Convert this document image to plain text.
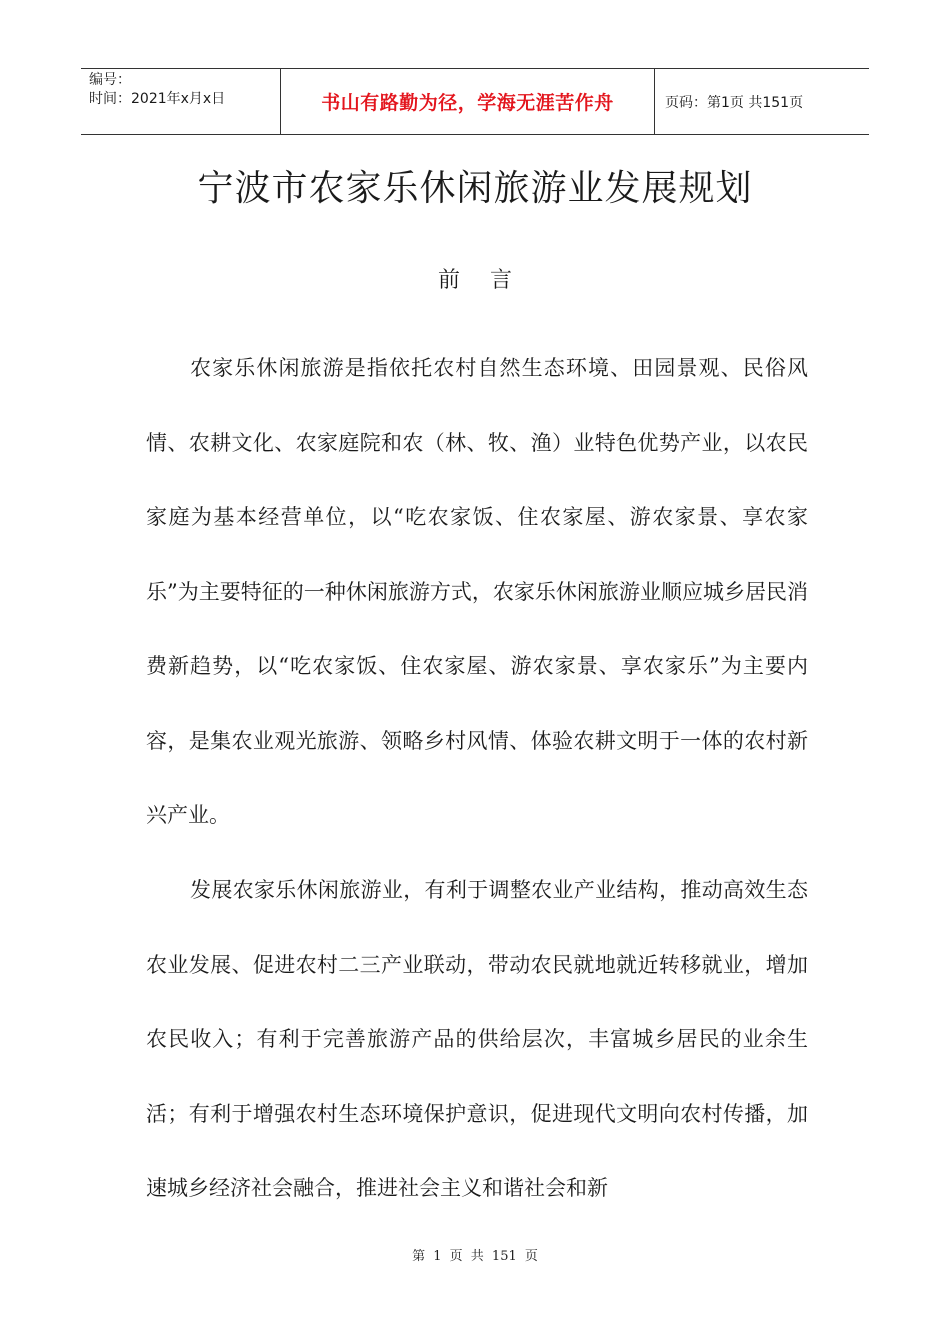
编号：
时间：2021年x月x日	书山有路勤为径，学海无涯苦作舟	页码：第1页 共151页
宁波市农家乐休闲旅游业发展规划
前言

农家乐休闲旅游是指依托农村自然生态环境、田园景观、民俗风情、农耕文化、农家庭院和农（林、牧、渔）业特色优势产业，以农民家庭为基本经营单位，以“吃农家饭、住农家屋、游农家景、享农家乐”为主要特征的一种休闲旅游方式，农家乐休闲旅游业顺应城乡居民消费新趋势，以“吃农家饭、住农家屋、游农家景、享农家乐”为主要内容，是集农业观光旅游、领略乡村风情、体验农耕文明于一体的农村新兴产业。

发展农家乐休闲旅游业，有利于调整农业产业结构，推动高效生态农业发展、促进农村二三产业联动，带动农民就地就近转移就业，增加农民收入；有利于完善旅游产品的供给层次，丰富城乡居民的业余生活；有利于增强农村生态环境保护意识，促进现代文明向农村传播，加速城乡经济社会融合，推进社会主义和谐社会和新

第 1 页 共 151 页
